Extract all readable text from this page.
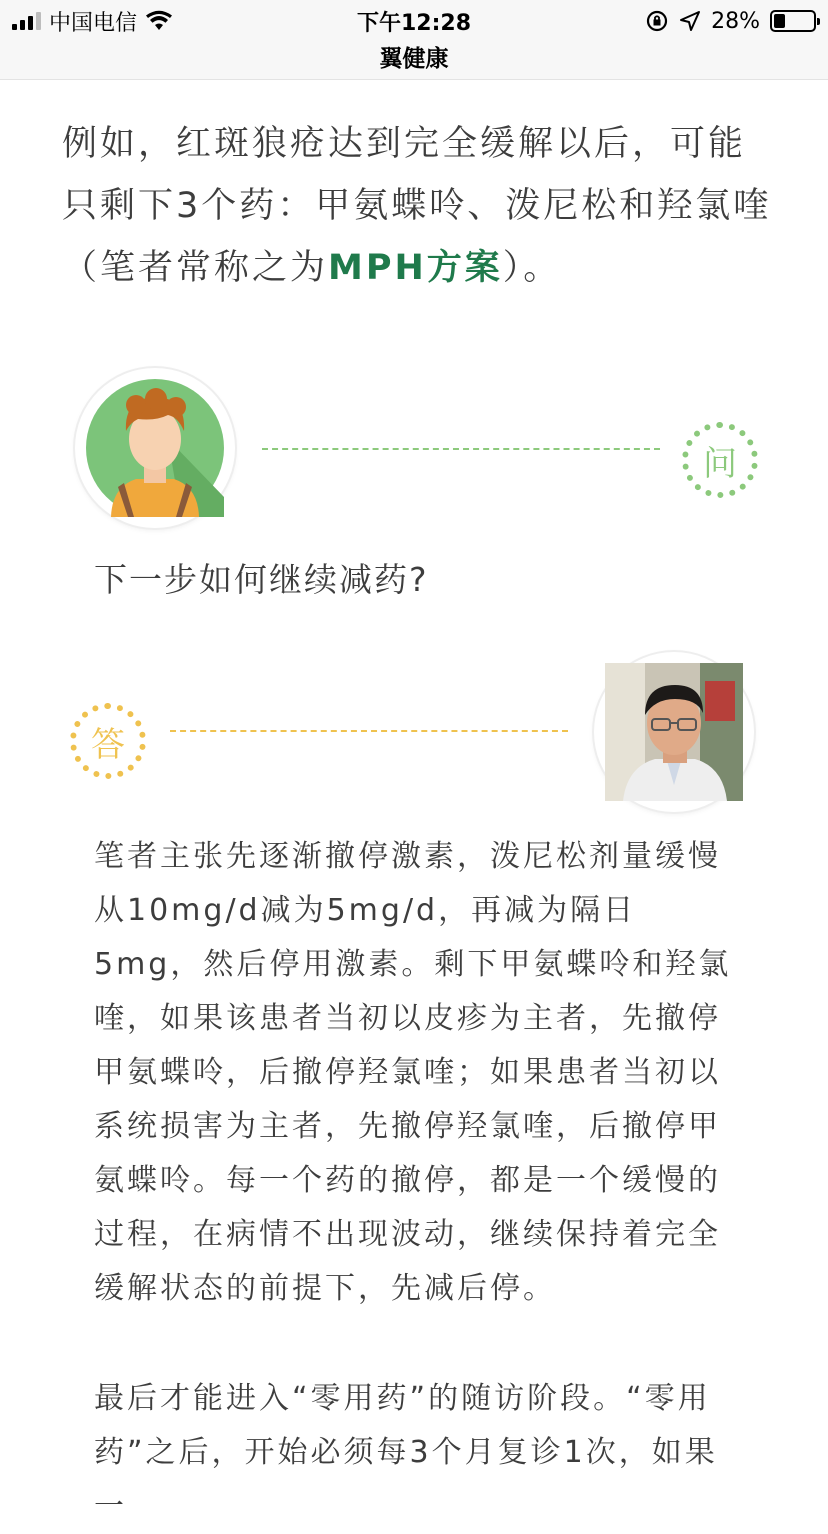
中国电信	下午12:28	28%
翼健康

例如，红斑狼疮达到完全缓解以后，可能只剩下3个药：甲氨蝶呤、泼尼松和羟氯喹（笔者常称之为MPH方案）。

问
下一步如何继续减药?
答

笔者主张先逐渐撤停激素，泼尼松剂量缓慢从10mg/d减为5mg/d，再减为隔日5mg，然后停用激素。剩下甲氨蝶呤和羟氯喹，如果该患者当初以皮疹为主者，先撤停甲氨蝶呤，后撤停羟氯喹；如果患者当初以系统损害为主者，先撤停羟氯喹，后撤停甲氨蝶呤。每一个药的撤停，都是一个缓慢的过程，在病情不出现波动，继续保持着完全缓解状态的前提下，先减后停。

最后才能进入“零用药”的随访阶段。“零用药”之后，开始必须每3个月复诊1次，如果一
